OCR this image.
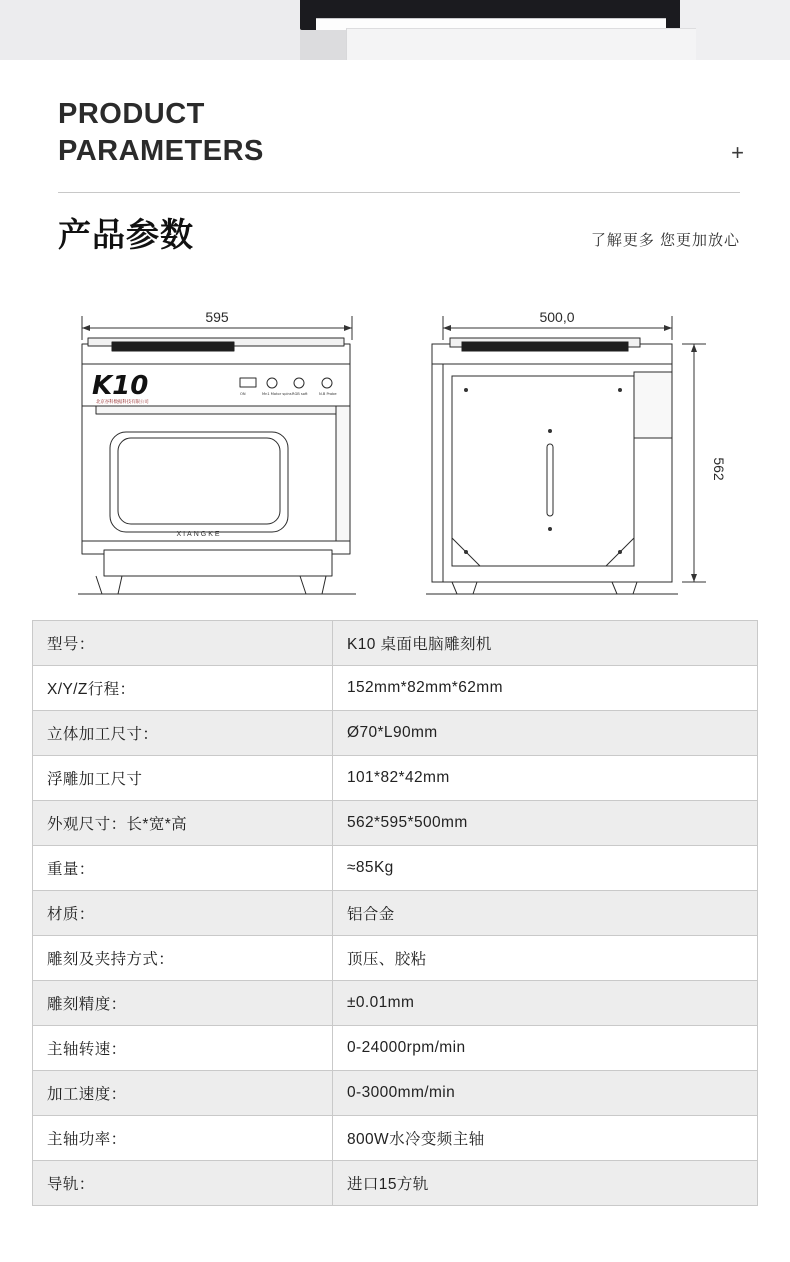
PRODUCT
PARAMETERS	+
产品参数	了解更多 您更加放心
595
K10
北京谷科数据科技有限公司
ON	Mn1 Motor spins RGB soft	N.B Probe
XIANGKE
500,0
562
型号：	K10 桌面电脑雕刻机
X/Y/Z行程：	152mm*82mm*62mm
立体加工尺寸：	Ø70*L90mm
浮雕加工尺寸	101*82*42mm
外观尺寸：长*宽*高	562*595*500mm
重量：	≈85Kg
材质：	铝合金
雕刻及夹持方式：	顶压、胶粘
雕刻精度：	±0.01mm
主轴转速：	0-24000rpm/min
加工速度：	0-3000mm/min
主轴功率：	800W水冷变频主轴
导轨：	进口15方轨
